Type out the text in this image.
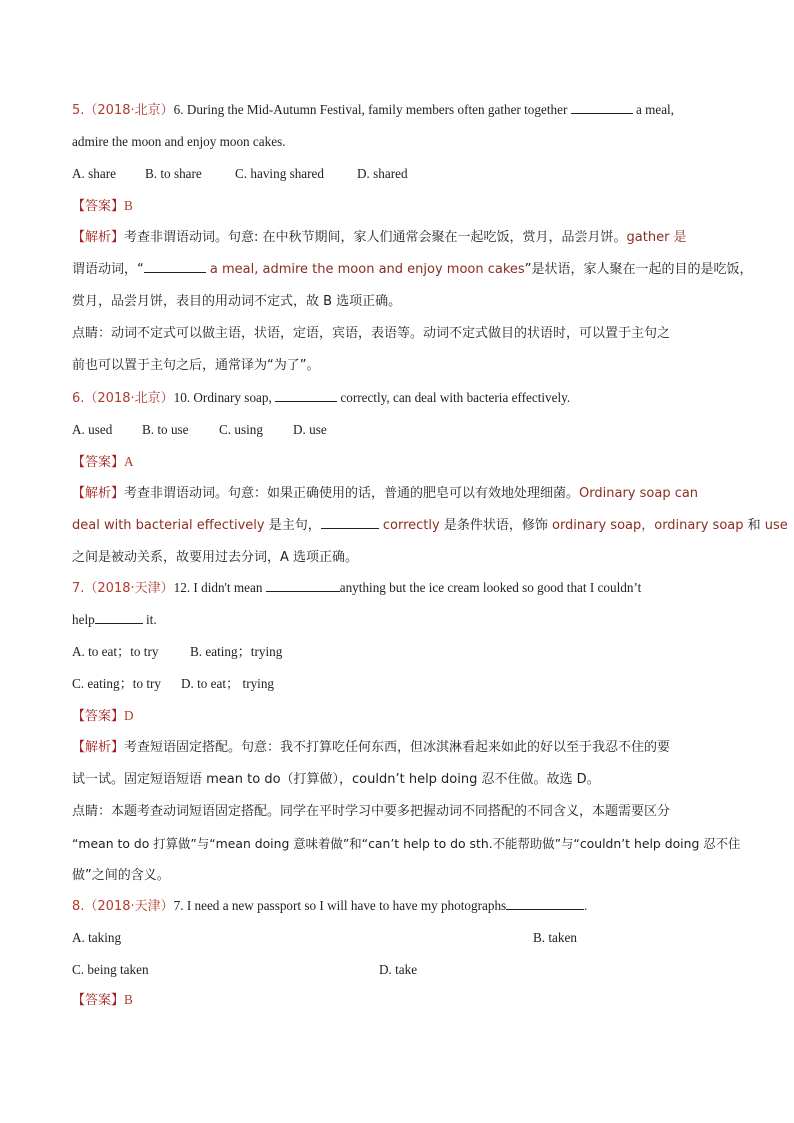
5.（2018·北京）6. During the Mid-Autumn Festival, family members often gather together	a meal,
admire the moon and enjoy moon cakes.
A. share B. to share	C. having shared	D. shared
【答案】B
【解析】考查非谓语动词。句意: 在中秋节期间，家人们通常会聚在一起吃饭，赏月，品尝月饼。gather 是
谓语动词，“	a meal, admire the moon and enjoy moon cakes”是状语，家人聚在一起的目的是吃饭，
赏月，品尝月饼，表目的用动词不定式，故 B 选项正确。
点睛：动词不定式可以做主语，状语，定语，宾语，表语等。动词不定式做目的状语时，可以置于主句之
前也可以置于主句之后，通常译为“为了”。
6.（2018·北京）10. Ordinary soap,	correctly, can deal with bacteria effectively.
A. used B. to use C. using D. use
【答案】A
【解析】考查非谓语动词。句意：如果正确使用的话，普通的肥皂可以有效地处理细菌。Ordinary soap can
deal with bacterial effectively 是主句，	correctly 是条件状语，修饰 ordinary soap，ordinary soap 和 use
之间是被动关系，故要用过去分词，A 选项正确。
7.（2018·天津）12. I didn't mean	anything but the ice cream looked so good that I couldn’t
help	it.
A. to eat；to try B. eating；trying
C. eating；to try D. to eat； trying
【答案】D
【解析】考查短语固定搭配。句意：我不打算吃任何东西，但冰淇淋看起来如此的好以至于我忍不住的要
试一试。固定短语短语 mean to do（打算做），couldn’t help doing 忍不住做。故选 D。
点睛：本题考查动词短语固定搭配。同学在平时学习中要多把握动词不同搭配的不同含义，本题需要区分
“mean to do 打算做”与“mean doing 意味着做”和“can’t help to do sth.不能帮助做”与“couldn’t help doing 忍不住
做”之间的含义。
8.（2018·天津）7. I need a new passport so I will have to have my photographs	.
A. taking	B. taken
C. being taken	D. take
【答案】B
